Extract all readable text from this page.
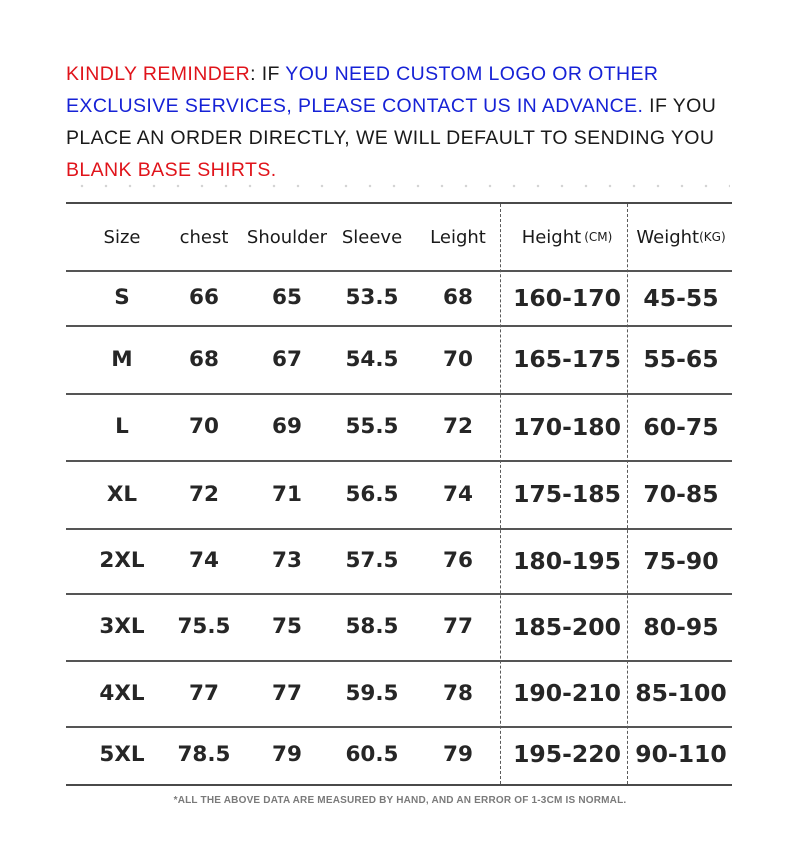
KINDLY REMINDER: IF YOU NEED CUSTOM LOGO OR OTHER EXCLUSIVE SERVICES, PLEASE CONTACT US IN ADVANCE. IF YOU PLACE AN ORDER DIRECTLY, WE WILL DEFAULT TO SENDING YOU BLANK BASE SHIRTS.
Size	chest	Shoulder Sleeve	Leight	Height (CM) Weight (KG)
S	66	65	53.5	68	160-170 45-55
M	68	67	54.5	70	165-175 55-65
L	70	69	55.5	72	170-180 60-75
XL	72	71	56.5	74	175-185 70-85
2XL	74	73	57.5	76	180-195 75-90
3XL	75.5	75	58.5	77	185-200 80-95
4XL	77	77	59.5	78	190-210 85-100
5XL	78.5	79	60.5	79	195-220 90-110
*ALL THE ABOVE DATA ARE MEASURED BY HAND, AND AN ERROR OF 1-3CM IS NORMAL.
